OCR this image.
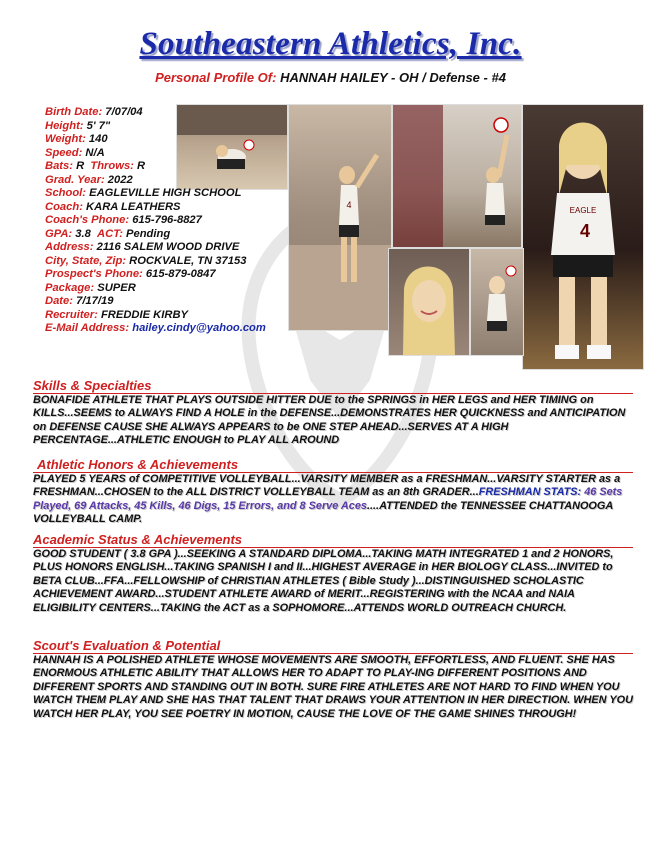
Southeastern Athletics, Inc.
Personal Profile Of: HANNAH HAILEY - OH / Defense - #4
4
EAGLE
4
Birth Date: 7/07/04
Height: 5' 7"
Weight: 140
Speed: N/A
Bats: R Throws: R
Grad. Year: 2022
School: EAGLEVILLE HIGH SCHOOL
Coach: KARA LEATHERS
Coach's Phone: 615-796-8827
GPA: 3.8 ACT: Pending
Address: 2116 SALEM WOOD DRIVE
City, State, Zip: ROCKVALE, TN 37153
Prospect's Phone: 615-879-0847
Package: SUPER
Date: 7/17/19
Recruiter: FREDDIE KIRBY
E-Mail Address: hailey.cindy@yahoo.com
Skills & Specialties
BONAFIDE ATHLETE THAT PLAYS OUTSIDE HITTER DUE to the SPRINGS in HER LEGS and HER TIMING on KILLS...SEEMS to ALWAYS FIND A HOLE in the DEFENSE...DEMONSTRATES HER QUICKNESS and ANTICIPATION on DEFENSE CAUSE SHE ALWAYS APPEARS to be ONE STEP AHEAD...SERVES AT A HIGH PERCENTAGE...ATHLETIC ENOUGH to PLAY ALL AROUND
Athletic Honors & Achievements
PLAYED 5 YEARS of COMPETITIVE VOLLEYBALL...VARSITY MEMBER as a FRESHMAN...VARSITY STARTER as a FRESHMAN...CHOSEN to the ALL DISTRICT VOLLEYBALL TEAM as an 8th GRADER...FRESHMAN STATS: 46 Sets Played, 69 Attacks, 45 Kills, 46 Digs, 15 Errors, and 8 Serve Aces....ATTENDED the TENNESSEE CHATTANOOGA VOLLEYBALL CAMP.
Academic Status & Achievements
GOOD STUDENT ( 3.8 GPA )...SEEKING A STANDARD DIPLOMA...TAKING MATH INTEGRATED 1 and 2 HONORS, PLUS HONORS ENGLISH...TAKING SPANISH I and II...HIGHEST AVERAGE in HER BIOLOGY CLASS...INVITED to BETA CLUB...FFA...FELLOWSHIP of CHRISTIAN ATHLETES ( Bible Study )...DISTINGUISHED SCHOLASTIC ACHIEVEMENT AWARD...STUDENT ATHLETE AWARD of MERIT...REGISTERING with the NCAA and NAIA ELIGIBILITY CENTERS...TAKING the ACT as a SOPHOMORE...ATTENDS WORLD OUTREACH CHURCH.
Scout's Evaluation & Potential
HANNAH IS A POLISHED ATHLETE WHOSE MOVEMENTS ARE SMOOTH, EFFORTLESS, AND FLUENT. SHE HAS ENORMOUS ATHLETIC ABILITY THAT ALLOWS HER TO ADAPT TO PLAY-ING DIFFERENT POSITIONS AND DIFFERENT SPORTS AND STANDING OUT IN BOTH. SURE FIRE ATHLETES ARE NOT HARD TO FIND WHEN YOU WATCH THEM PLAY AND SHE HAS THAT TALENT THAT DRAWS YOUR ATTENTION IN HER DIRECTION. WHEN YOU WATCH HER PLAY, YOU SEE POETRY IN MOTION, CAUSE THE LOVE OF THE GAME SHINES THROUGH!
